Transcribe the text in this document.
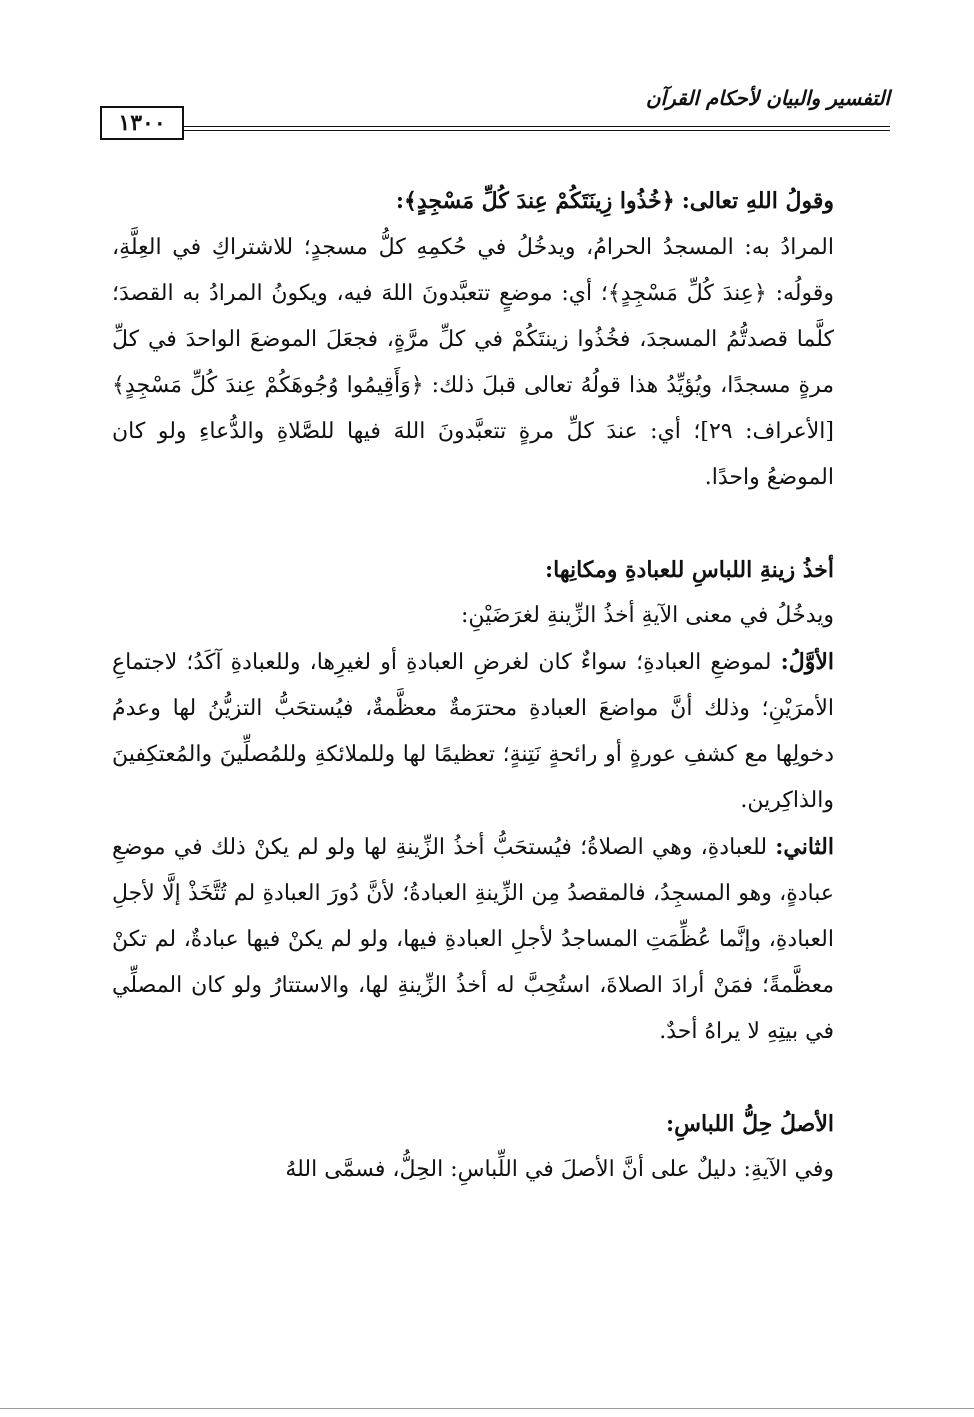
التفسير والبيان لأحكام القرآن
١٣٠٠

وقولُ اللهِ تعالى: ﴿خُذُوا زِينَتَكُمْ عِندَ كُلِّ مَسْجِدٍ﴾:

المرادُ به: المسجدُ الحرامُ، ويدخُلُ في حُكمِهِ كلُّ مسجدٍ؛ للاشتراكِ في العِلَّةِ، وقولُه: ﴿عِندَ كُلِّ مَسْجِدٍ﴾؛ أي: موضعٍ تتعبَّدونَ اللهَ فيه، ويكونُ المرادُ به القصدَ؛ كلَّما قصدتُّمُ المسجدَ، فخُذُوا زينتَكُمْ في كلِّ مرَّةٍ، فجعَلَ الموضعَ الواحدَ في كلِّ مرةٍ مسجدًا، ويُؤيِّدُ هذا قولُهُ تعالى قبلَ ذلك: ﴿وَأَقِيمُوا وُجُوهَكُمْ عِندَ كُلِّ مَسْجِدٍ﴾ [الأعراف: ٢٩]؛ أي: عندَ كلِّ مرةٍ تتعبَّدونَ اللهَ فيها للصَّلاةِ والدُّعاءِ ولو كان الموضعُ واحدًا.

أخذُ زينةِ اللباسِ للعبادةِ ومكانِها:

ويدخُلُ في معنى الآيةِ أخذُ الزِّينةِ لغرَضَيْنِ:

الأوَّلُ: لموضعِ العبادةِ؛ سواءٌ كان لغرضِ العبادةِ أو لغيرِها، وللعبادةِ آكَدُ؛ لاجتماعِ الأمرَيْنِ؛ وذلك أنَّ مواضعَ العبادةِ محترَمةٌ معظَّمةٌ، فيُستحَبُّ التزيُّنُ لها وعدمُ دخولِها مع كشفِ عورةٍ أو رائحةٍ نَتِنةٍ؛ تعظيمًا لها وللملائكةِ وللمُصلِّينَ والمُعتكِفينَ والذاكِرين.

الثاني: للعبادةِ، وهي الصلاةُ؛ فيُستحَبُّ أخذُ الزِّينةِ لها ولو لم يكنْ ذلك في موضعِ عبادةٍ، وهو المسجِدُ، فالمقصدُ مِن الزِّينةِ العبادةُ؛ لأنَّ دُورَ العبادةِ لم تُتَّخَذْ إلَّا لأجلِ العبادةِ، وإنَّما عُظِّمَتِ المساجدُ لأجلِ العبادةِ فيها، ولو لم يكنْ فيها عبادةٌ، لم تكنْ معظَّمةً؛ فمَنْ أرادَ الصلاةَ، استُحِبَّ له أخذُ الزِّينةِ لها، والاستتارُ ولو كان المصلِّي في بيتِهِ لا يراهُ أحدٌ.

الأصلُ حِلُّ اللباسِ:

وفي الآيةِ: دليلٌ على أنَّ الأصلَ في اللِّباسِ: الحِلُّ، فسمَّى اللهُ
